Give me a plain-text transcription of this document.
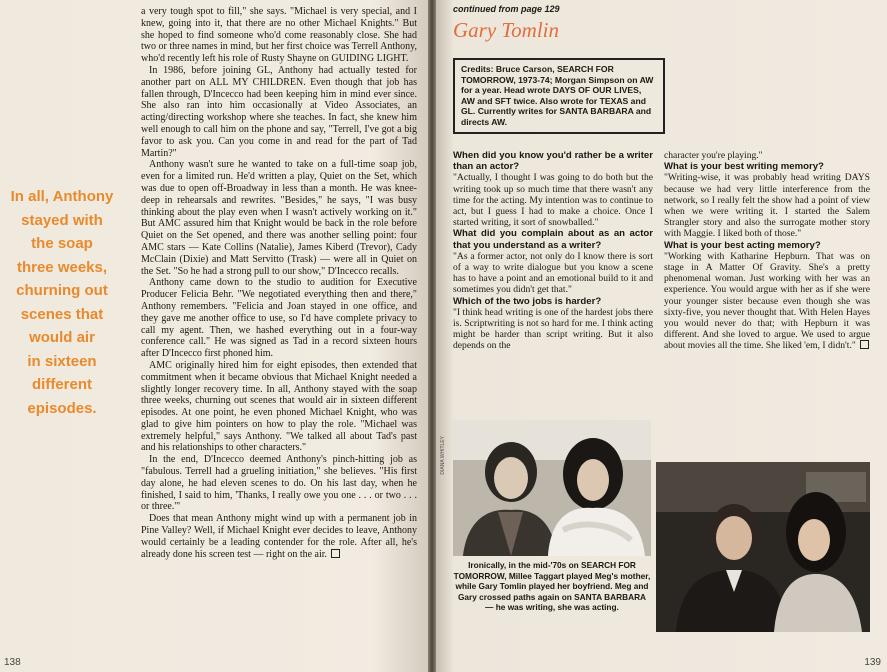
In all, Anthony
stayed with
the soap
three weeks,
churning out
scenes that
would air
in sixteen
different
episodes.

a very tough spot to fill," she says. "Michael is very special, and I knew, going into it, that there are no other Michael Knights." But she hoped to find someone who'd come reasonably close. She had two or three names in mind, but her first choice was Terrell Anthony, who'd recently left his role of Rusty Shayne on GUIDING LIGHT.

In 1986, before joining GL, Anthony had actually tested for another part on ALL MY CHILDREN. Even though that job has fallen through, D'Incecco had been keeping him in mind ever since. She also ran into him occasionally at Video Associates, an acting/directing workshop where she teaches. In fact, she knew him well enough to call him on the phone and say, "Terrell, I've got a big favor to ask you. Can you come in and read for the part of Tad Martin?"

Anthony wasn't sure he wanted to take on a full-time soap job, even for a limited run. He'd written a play, Quiet on the Set, which was due to open off-Broadway in less than a month. He was knee-deep in rehearsals and rewrites. "Besides," he says, "I was busy thinking about the play even when I wasn't actively working on it." But AMC assured him that Knight would be back in the role before Quiet on the Set opened, and there was another selling point: four AMC stars — Kate Collins (Natalie), James Kiberd (Trevor), Cady McClain (Dixie) and Matt Servitto (Trask) — were all in Quiet on the Set. "So he had a strong pull to our show," D'Incecco recalls.

Anthony came down to the studio to audition for Executive Producer Felicia Behr. "We negotiated everything then and there," Anthony remembers. "Felicia and Joan stayed in one office, and they gave me another office to use, so I'd have complete privacy to call my agent. Then, we hashed everything out in a four-way conference call." He was signed as Tad in a record sixteen hours after D'Incecco first phoned him.

AMC originally hired him for eight episodes, then extended that commitment when it became obvious that Michael Knight needed a slightly longer recovery time. In all, Anthony stayed with the soap three weeks, churning out scenes that would air in sixteen different episodes. At one point, he even phoned Michael Knight, who was glad to give him pointers on how to play the role. "Michael was extremely helpful," says Anthony. "We talked all about Tad's past and his relationships to other characters."

In the end, D'Incecco deemed Anthony's pinch-hitting job as "fabulous. Terrell had a grueling initiation," she believes. "His first day alone, he had eleven scenes to do. On his last day, when he finished, I said to him, 'Thanks, I really owe you one . . . or two . . . or three.'"

Does that mean Anthony might wind up with a permanent job in Pine Valley? Well, if Michael Knight ever decides to leave, Anthony would certainly be a leading contender for the role. After all, he's already done his screen test — right on the air.

138
continued from page 129
Gary Tomlin
Credits: Bruce Carson, SEARCH FOR TOMORROW, 1973-74; Morgan Simpson on AW for a year. Head wrote DAYS OF OUR LIVES, AW and SFT twice. Also wrote for TEXAS and GL. Currently writes for SANTA BARBARA and directs AW.

When did you know you'd rather be a writer than an actor?

"Actually, I thought I was going to do both but the writing took up so much time that there wasn't any time for the acting. My intention was to continue to act, but I guess I had to make a choice. Once I started writing, it sort of snowballed."

What did you complain about as an actor that you understand as a writer?

"As a former actor, not only do I know there is sort of a way to write dialogue but you know a scene has to have a point and an emotional build to it and sometimes you didn't get that."

Which of the two jobs is harder?

"I think head writing is one of the hardest jobs there is. Scriptwriting is not so hard for me. I think acting might be harder than script writing. But it also depends on the

character you're playing."

What is your best writing memory?

"Writing-wise, it was probably head writing DAYS because we had very little interference from the network, so I really felt the show had a point of view when we were writing it. I started the Salem Strangler story and also the surrogate mother story with Maggie. I liked both of those."

What is your best acting memory?

"Working with Katharine Hepburn. That was on stage in A Matter Of Gravity. She's a pretty phenomenal woman. Just working with her was an experience. You would argue with her as if she were your younger sister because even though she was sixty-five, you never thought that. With Helen Hayes you would never do that; with Hepburn it was different. And she loved to argue. We used to argue about movies all the time. She liked 'em, I didn't."

DIANA WHITLEY
Ironically, in the mid-'70s on SEARCH FOR TOMORROW, Millee Taggart played Meg's mother, while Gary Tomlin played her boyfriend. Meg and Gary crossed paths again on SANTA BARBARA — he was writing, she was acting.
139
